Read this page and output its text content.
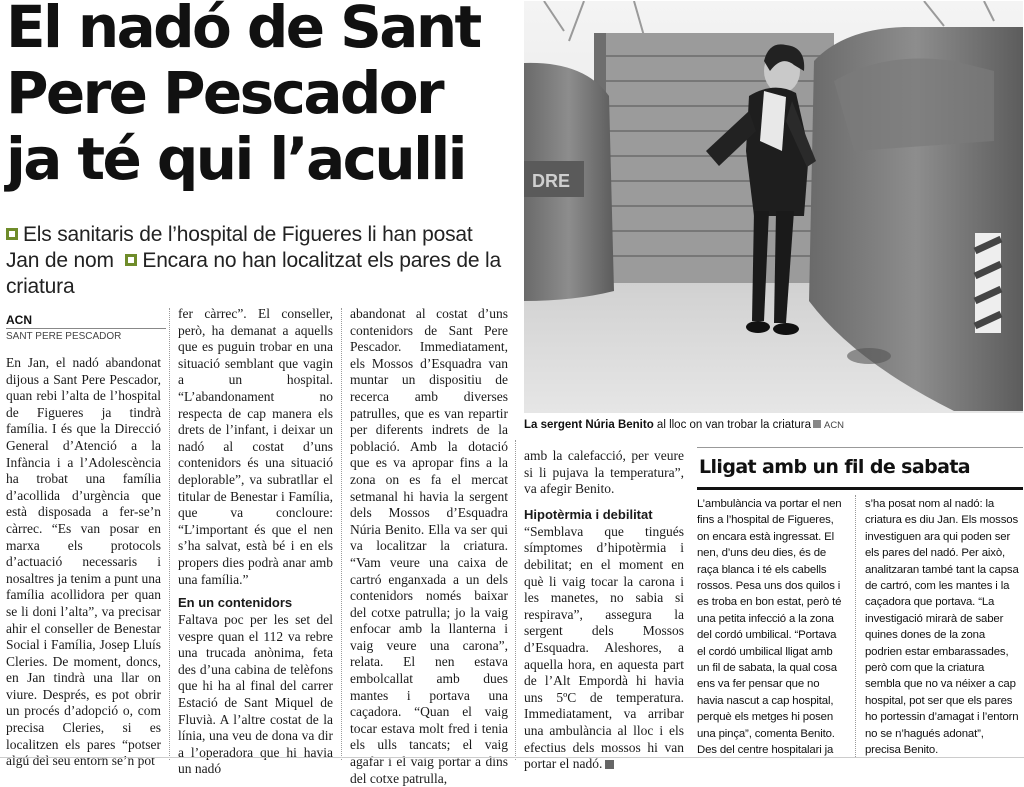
El nadó de Sant Pere Pescador ja té qui l’aculli
Els sanitaris de l’hospital de Figueres li han posat Jan de nom Encara no han localitzat els pares de la criatura
ACN
SANT PERE PESCADOR

En Jan, el nadó abandonat dijous a Sant Pere Pescador, quan rebi l’alta de l’hospital de Figueres ja tindrà família. I és que la Direcció General d’Atenció a la Infància i a l’Adolescència ha trobat una família d’acollida d’urgència que està disposada a fer-se’n càrrec. “Es van posar en marxa els protocols d’actuació necessaris i nosaltres ja tenim a punt una família acollidora per quan se li doni l’alta”, va precisar ahir el conseller de Benestar Social i Família, Josep Lluís Cleries. De moment, doncs, en Jan tindrà una llar on viure. Després, es pot obrir un procés d’adopció o, com precisa Cleries, si es localitzen els pares “potser algú del seu entorn se’n pot

fer càrrec”. El conseller, però, ha demanat a aquells que es puguin trobar en una situació semblant que vagin a un hospital. “L’abandonament no respecta de cap manera els drets de l’infant, i deixar un nadó al costat d’uns contenidors és una situació deplorable”, va subratllar el titular de Benestar i Família, que va concloure: “L’important és que el nen s’ha salvat, està bé i en els propers dies podrà anar amb una família.”

En un contenidors

Faltava poc per les set del vespre quan el 112 va rebre una trucada anònima, feta des d’una cabina de telèfons que hi ha al final del carrer Estació de Sant Miquel de Fluvià. A l’altre costat de la línia, una veu de dona va dir a l’operadora que hi havia un nadó

abandonat al costat d’uns contenidors de Sant Pere Pescador. Immediatament, els Mossos d’Esquadra van muntar un dispositiu de recerca amb diverses patrulles, que es van repartir per diferents indrets de la població. Amb la dotació que es va apropar fins a la zona on es fa el mercat setmanal hi havia la sergent dels Mossos d’Esquadra Núria Benito. Ella va ser qui va localitzar la criatura. “Vam veure una caixa de cartró enganxada a un dels contenidors només baixar del cotxe patrulla; jo la vaig enfocar amb la llanterna i vaig veure una carona”, relata. El nen estava embolcallat amb dues mantes i portava una caçadora. “Quan el vaig tocar estava molt fred i tenia els ulls tancats; el vaig agafar i el vaig portar a dins del cotxe patrulla,

amb la calefacció, per veure si li pujava la temperatura”, va afegir Benito.

Hipotèrmia i debilitat

“Semblava que tingués símptomes d’hipotèrmia i debilitat; en el moment en què li vaig tocar la carona i les manetes, no sabia si respirava”, assegura la sergent dels Mossos d’Esquadra. Aleshores, a aquella hora, en aquesta part de l’Alt Empordà hi havia uns 5ºC de temperatura. Immediatament, va arribar una ambulància al lloc i els efectius dels mossos hi van portar el nadó.

DRE
La sergent Núria Benito al lloc on van trobar la criatura ACN
Lligat amb un fil de sabata

L’ambulància va portar el nen fins a l’hospital de Figueres, on encara està ingressat. El nen, d’uns deu dies, és de raça blanca i té els cabells rossos. Pesa uns dos quilos i es troba en bon estat, però té una petita infecció a la zona del cordó umbilical. “Portava el cordó umbilical lligat amb un fil de sabata, la qual cosa ens va fer pensar que no havia nascut a cap hospital, perquè els metges hi posen una pinça”, comenta Benito. Des del centre hospitalari ja

s’ha posat nom al nadó: la criatura es diu Jan. Els mossos investiguen ara qui poden ser els pares del nadó. Per això, analitzaran també tant la capsa de cartró, com les mantes i la caçadora que portava. “La investigació mirarà de saber quines dones de la zona podrien estar embarassades, però com que la criatura sembla que no va néixer a cap hospital, pot ser que els pares ho portessin d’amagat i l’entorn no se n’hagués adonat”, precisa Benito.
